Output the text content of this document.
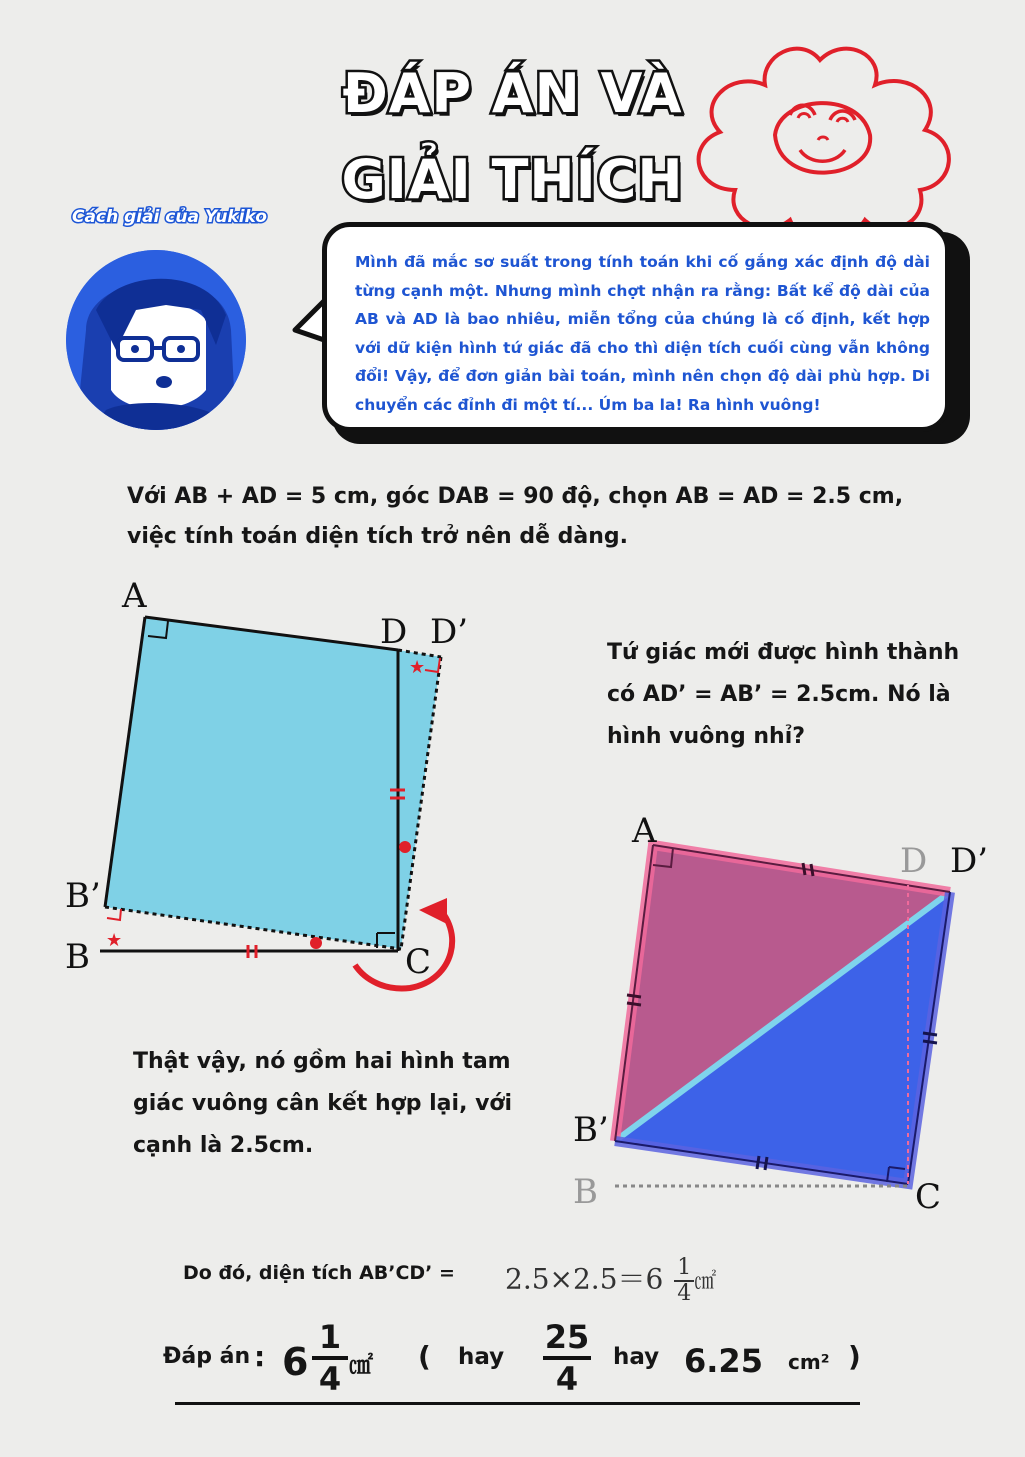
ĐÁP ÁN VÀ
GIẢI THÍCH
Cách giải của Yukiko
Mình đã mắc sơ suất trong tính toán khi cố gắng xác định độ dài từng cạnh một. Nhưng mình chợt nhận ra rằng: Bất kể độ dài của AB và AD là bao nhiêu, miễn tổng của chúng là cố định, kết hợp với dữ kiện hình tứ giác đã cho thì diện tích cuối cùng vẫn không đổi! Vậy, để đơn giản bài toán, mình nên chọn độ dài phù hợp. Di chuyển các đỉnh đi một tí... Úm ba la! Ra hình vuông!
Với AB + AD = 5 cm, góc DAB = 90 độ, chọn AB = AD = 2.5 cm,
việc tính toán diện tích trở nên dễ dàng.
★
★
A
D D’
B’
B	C
Tứ giác mới được hình thành
có AD’ = AB’ = 2.5cm. Nó là
hình vuông nhỉ?
Thật vậy, nó gồm hai hình tam
giác vuông cân kết hợp lại, với
cạnh là 2.5cm.
A
D D’
B’
B	C
Do đó, diện tích AB’CD’ = $2.5\times 2.5=6 \frac{1}{4}$ ㎠
Đáp án : 6
1
4 ㎠ ( hay
25
4
hay 6.25 cm² )
